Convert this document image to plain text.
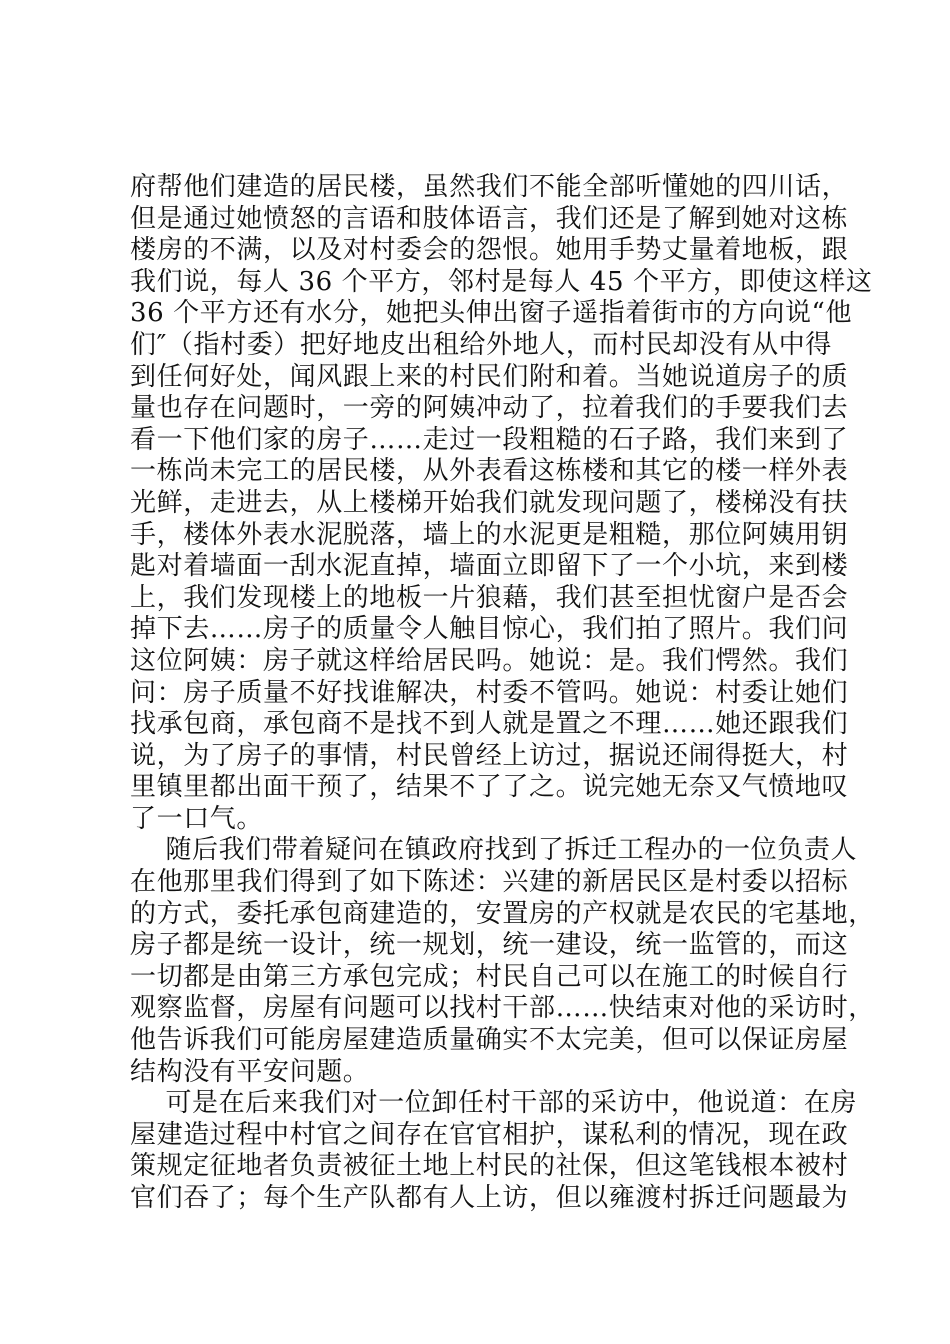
府帮他们建造的居民楼，虽然我们不能全部听懂她的四川话，
但是通过她愤怒的言语和肢体语言，我们还是了解到她对这栋
楼房的不满，以及对村委会的怨恨。她用手势丈量着地板，跟
我们说，每人 36 个平方，邻村是每人 45 个平方，即使这样这
36 个平方还有水分，她把头伸出窗子遥指着街市的方向说“他
们″（指村委）把好地皮出租给外地人，而村民却没有从中得
到任何好处，闻风跟上来的村民们附和着。当她说道房子的质
量也存在问题时，一旁的阿姨冲动了，拉着我们的手要我们去
看一下他们家的房子……走过一段粗糙的石子路，我们来到了
一栋尚未完工的居民楼，从外表看这栋楼和其它的楼一样外表
光鲜，走进去，从上楼梯开始我们就发现问题了，楼梯没有扶
手，楼体外表水泥脱落，墙上的水泥更是粗糙，那位阿姨用钥
匙对着墙面一刮水泥直掉，墙面立即留下了一个小坑，来到楼
上，我们发现楼上的地板一片狼藉，我们甚至担忧窗户是否会
掉下去……房子的质量令人触目惊心，我们拍了照片。我们问
这位阿姨：房子就这样给居民吗。她说：是。我们愕然。我们
问：房子质量不好找谁解决，村委不管吗。她说：村委让她们
找承包商，承包商不是找不到人就是置之不理……她还跟我们
说，为了房子的事情，村民曾经上访过，据说还闹得挺大，村
里镇里都出面干预了，结果不了了之。说完她无奈又气愤地叹
了一口气。
随后我们带着疑问在镇政府找到了拆迁工程办的一位负责人
在他那里我们得到了如下陈述：兴建的新居民区是村委以招标
的方式，委托承包商建造的，安置房的产权就是农民的宅基地，
房子都是统一设计，统一规划，统一建设，统一监管的，而这
一切都是由第三方承包完成；村民自己可以在施工的时候自行
观察监督，房屋有问题可以找村干部……快结束对他的采访时，
他告诉我们可能房屋建造质量确实不太完美，但可以保证房屋
结构没有平安问题。
可是在后来我们对一位卸任村干部的采访中，他说道：在房
屋建造过程中村官之间存在官官相护，谋私利的情况，现在政
策规定征地者负责被征土地上村民的社保，但这笔钱根本被村
官们吞了；每个生产队都有人上访，但以雍渡村拆迁问题最为
